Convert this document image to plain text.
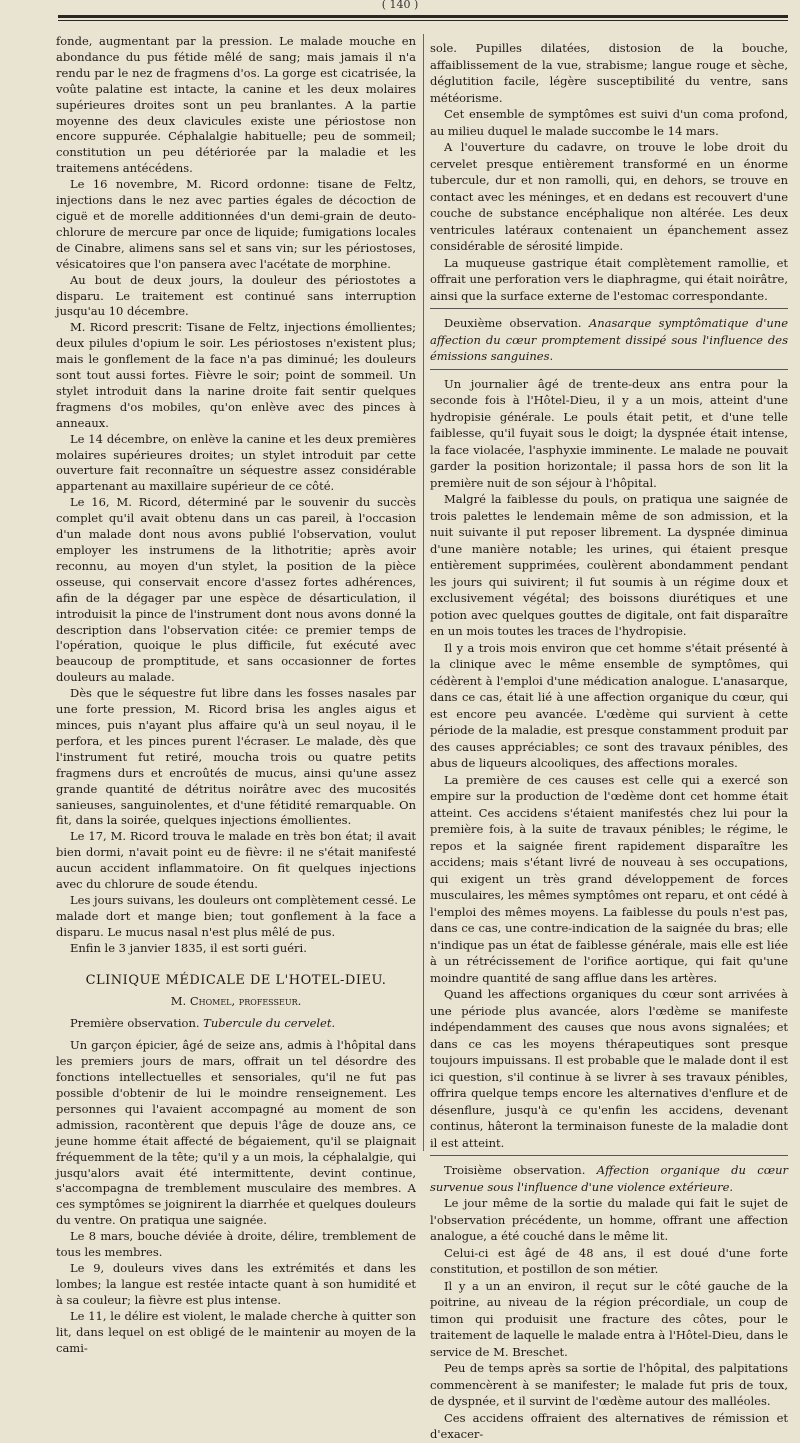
( 140 )

fonde, augmentant par la pression. Le malade mouche en abondance du pus fétide mêlé de sang; mais jamais il n'a rendu par le nez de fragmens d'os. La gorge est cicatrisée, la voûte palatine est intacte, la canine et les deux molaires supérieures droites sont un peu branlantes. A la partie moyenne des deux clavicules existe une périostose non encore suppurée. Céphalalgie habituelle; peu de sommeil; constitution un peu détériorée par la maladie et les traitemens antécédens.

Le 16 novembre, M. Ricord ordonne: tisane de Feltz, injections dans le nez avec parties égales de décoction de ciguë et de morelle additionnées d'un demi-grain de deuto-chlorure de mercure par once de liquide; fumigations locales de Cinabre, alimens sans sel et sans vin; sur les périostoses, vésicatoires que l'on pansera avec l'acétate de morphine.

Au bout de deux jours, la douleur des périostotes a disparu. Le traitement est continué sans interruption jusqu'au 10 décembre.

M. Ricord prescrit: Tisane de Feltz, injections émollientes; deux pilules d'opium le soir. Les périostoses n'existent plus; mais le gonflement de la face n'a pas diminué; les douleurs sont tout aussi fortes. Fièvre le soir; point de sommeil. Un stylet introduit dans la narine droite fait sentir quelques fragmens d'os mobiles, qu'on enlève avec des pinces à anneaux.

Le 14 décembre, on enlève la canine et les deux premières molaires supérieures droites; un stylet introduit par cette ouverture fait reconnaître un séquestre assez considérable appartenant au maxillaire supérieur de ce côté.

Le 16, M. Ricord, déterminé par le souvenir du succès complet qu'il avait obtenu dans un cas pareil, à l'occasion d'un malade dont nous avons publié l'observation, voulut employer les instrumens de la lithotritie; après avoir reconnu, au moyen d'un stylet, la position de la pièce osseuse, qui conservait encore d'assez fortes adhérences, afin de la dégager par une espèce de désarticulation, il introduisit la pince de l'instrument dont nous avons donné la description dans l'observation citée: ce premier temps de l'opération, quoique le plus difficile, fut exécuté avec beaucoup de promptitude, et sans occasionner de fortes douleurs au malade.

Dès que le séquestre fut libre dans les fosses nasales par une forte pression, M. Ricord brisa les angles aigus et minces, puis n'ayant plus affaire qu'à un seul noyau, il le perfora, et les pinces purent l'écraser. Le malade, dès que l'instrument fut retiré, moucha trois ou quatre petits fragmens durs et encroûtés de mucus, ainsi qu'une assez grande quantité de détritus noirâtre avec des mucosités sanieuses, sanguinolentes, et d'une fétidité remarquable. On fit, dans la soirée, quelques injections émollientes.

Le 17, M. Ricord trouva le malade en très bon état; il avait bien dormi, n'avait point eu de fièvre: il ne s'était manifesté aucun accident inflammatoire. On fit quelques injections avec du chlorure de soude étendu.

Les jours suivans, les douleurs ont complètement cessé. Le malade dort et mange bien; tout gonflement à la face a disparu. Le mucus nasal n'est plus mêlé de pus.

Enfin le 3 janvier 1835, il est sorti guéri.

CLINIQUE MÉDICALE DE L'HOTEL-DIEU.
M. Chomel, professeur.
Première observation. Tubercule du cervelet.

Un garçon épicier, âgé de seize ans, admis à l'hôpital dans les premiers jours de mars, offrait un tel désordre des fonctions intellectuelles et sensoriales, qu'il ne fut pas possible d'obtenir de lui le moindre renseignement. Les personnes qui l'avaient accompagné au moment de son admission, racontèrent que depuis l'âge de douze ans, ce jeune homme était affecté de bégaiement, qu'il se plaignait fréquemment de la tête; qu'il y a un mois, la céphalalgie, qui jusqu'alors avait été intermittente, devint continue, s'accompagna de tremblement musculaire des membres. A ces symptômes se joignirent la diarrhée et quelques douleurs du ventre. On pratiqua une saignée.

Le 8 mars, bouche déviée à droite, délire, tremblement de tous les membres.

Le 9, douleurs vives dans les extrémités et dans les lombes; la langue est restée intacte quant à son humidité et à sa couleur; la fièvre est plus intense.

Le 11, le délire est violent, le malade cherche à quitter son lit, dans lequel on est obligé de le maintenir au moyen de la cami-

sole. Pupilles dilatées, distosion de la bouche, affaiblissement de la vue, strabisme; langue rouge et sèche, déglutition facile, légère susceptibilité du ventre, sans météorisme.

Cet ensemble de symptômes est suivi d'un coma profond, au milieu duquel le malade succombe le 14 mars.

A l'ouverture du cadavre, on trouve le lobe droit du cervelet presque entièrement transformé en un énorme tubercule, dur et non ramolli, qui, en dehors, se trouve en contact avec les méninges, et en dedans est recouvert d'une couche de substance encéphalique non altérée. Les deux ventricules latéraux contenaient un épanchement assez considérable de sérosité limpide.

La muqueuse gastrique était complètement ramollie, et offrait une perforation vers le diaphragme, qui était noirâtre, ainsi que la surface externe de l'estomac correspondante.

Deuxième observation. Anasarque symptômatique d'une affection du cœur promptement dissipé sous l'influence des émissions sanguines.

Un journalier âgé de trente-deux ans entra pour la seconde fois à l'Hôtel-Dieu, il y a un mois, atteint d'une hydropisie générale. Le pouls était petit, et d'une telle faiblesse, qu'il fuyait sous le doigt; la dyspnée était intense, la face violacée, l'asphyxie imminente. Le malade ne pouvait garder la position horizontale; il passa hors de son lit la première nuit de son séjour à l'hôpital.

Malgré la faiblesse du pouls, on pratiqua une saignée de trois palettes le lendemain même de son admission, et la nuit suivante il put reposer librement. La dyspnée diminua d'une manière notable; les urines, qui étaient presque entièrement supprimées, coulèrent abondamment pendant les jours qui suivirent; il fut soumis à un régime doux et exclusivement végétal; des boissons diurétiques et une potion avec quelques gouttes de digitale, ont fait disparaître en un mois toutes les traces de l'hydropisie.

Il y a trois mois environ que cet homme s'était présenté à la clinique avec le même ensemble de symptômes, qui cédèrent à l'emploi d'une médication analogue. L'anasarque, dans ce cas, était lié à une affection organique du cœur, qui est encore peu avancée. L'œdème qui survient à cette période de la maladie, est presque constamment produit par des causes appréciables; ce sont des travaux pénibles, des abus de liqueurs alcooliques, des affections morales.

La première de ces causes est celle qui a exercé son empire sur la production de l'œdème dont cet homme était atteint. Ces accidens s'étaient manifestés chez lui pour la première fois, à la suite de travaux pénibles; le régime, le repos et la saignée firent rapidement disparaître les accidens; mais s'étant livré de nouveau à ses occupations, qui exigent un très grand développement de forces musculaires, les mêmes symptômes ont reparu, et ont cédé à l'emploi des mêmes moyens. La faiblesse du pouls n'est pas, dans ce cas, une contre-indication de la saignée du bras; elle n'indique pas un état de faiblesse générale, mais elle est liée à un rétrécissement de l'orifice aortique, qui fait qu'une moindre quantité de sang afflue dans les artères.

Quand les affections organiques du cœur sont arrivées à une période plus avancée, alors l'œdème se manifeste indépendamment des causes que nous avons signalées; et dans ce cas les moyens thérapeutiques sont presque toujours impuissans. Il est probable que le malade dont il est ici question, s'il continue à se livrer à ses travaux pénibles, offrira quelque temps encore les alternatives d'enflure et de désenflure, jusqu'à ce qu'enfin les accidens, devenant continus, hâteront la terminaison funeste de la maladie dont il est atteint.

Troisième observation. Affection organique du cœur survenue sous l'influence d'une violence extérieure.

Le jour même de la sortie du malade qui fait le sujet de l'observation précédente, un homme, offrant une affection analogue, a été couché dans le même lit.

Celui-ci est âgé de 48 ans, il est doué d'une forte constitution, et postillon de son métier.

Il y a un an environ, il reçut sur le côté gauche de la poitrine, au niveau de la région précordiale, un coup de timon qui produisit une fracture des côtes, pour le traitement de laquelle le malade entra à l'Hôtel-Dieu, dans le service de M. Breschet.

Peu de temps après sa sortie de l'hôpital, des palpitations commencèrent à se manifester; le malade fut pris de toux, de dyspnée, et il survint de l'œdème autour des malléoles.

Ces accidens offraient des alternatives de rémission et d'exacer-
